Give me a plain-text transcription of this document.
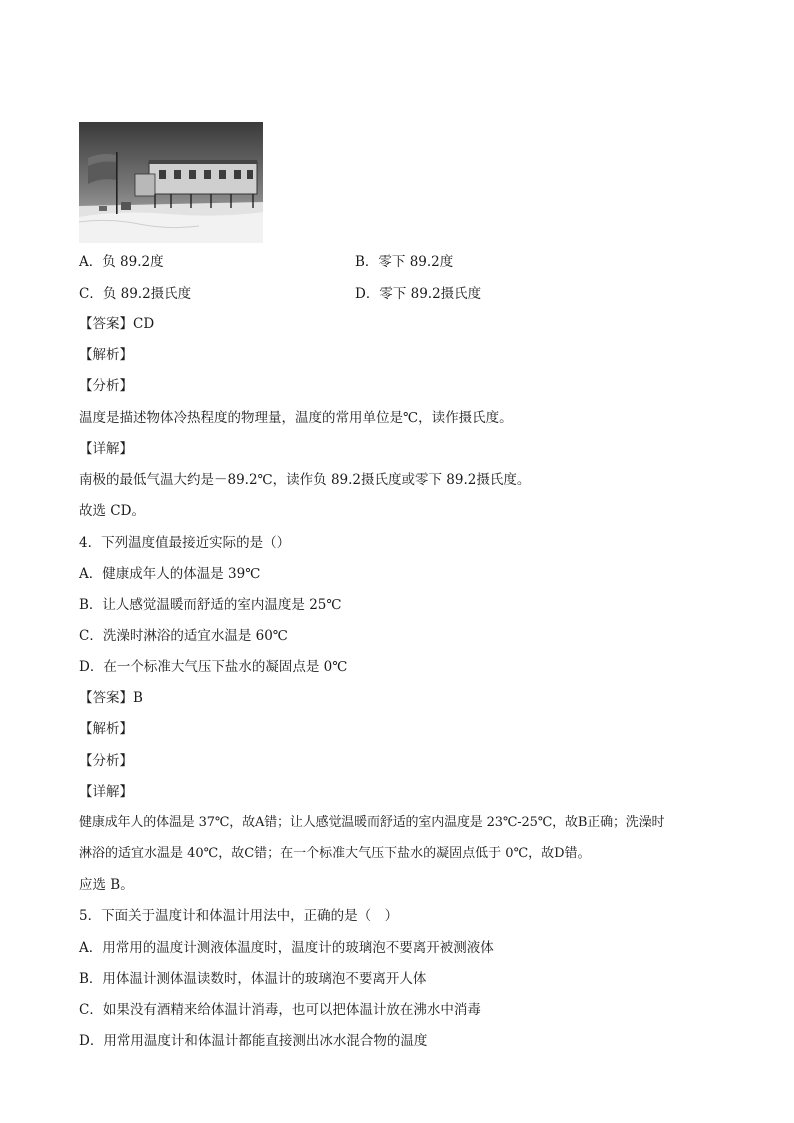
A．负 89.2度	B．零下 89.2度
C．负 89.2摄氏度	D．零下 89.2摄氏度
【答案】CD
【解析】
【分析】
温度是描述物体冷热程度的物理量，温度的常用单位是℃，读作摄氏度。
【详解】
南极的最低气温大约是－89.2℃，读作负 89.2摄氏度或零下 89.2摄氏度。
故选 CD。
4．下列温度值最接近实际的是（）
A．健康成年人的体温是 39℃
B．让人感觉温暖而舒适的室内温度是 25℃
C．洗澡时淋浴的适宜水温是 60℃
D．在一个标准大气压下盐水的凝固点是 0℃
【答案】B
【解析】
【分析】
【详解】
健康成年人的体温是 37℃，故A错；让人感觉温暖而舒适的室内温度是 23℃-25℃，故B正确；洗澡时
淋浴的适宜水温是 40℃，故C错；在一个标准大气压下盐水的凝固点低于 0℃，故D错。
应选 B。
5．下面关于温度计和体温计用法中，正确的是（　）
A．用常用的温度计测液体温度时，温度计的玻璃泡不要离开被测液体
B．用体温计测体温读数时，体温计的玻璃泡不要离开人体
C．如果没有酒精来给体温计消毒，也可以把体温计放在沸水中消毒
D．用常用温度计和体温计都能直接测出冰水混合物的温度
